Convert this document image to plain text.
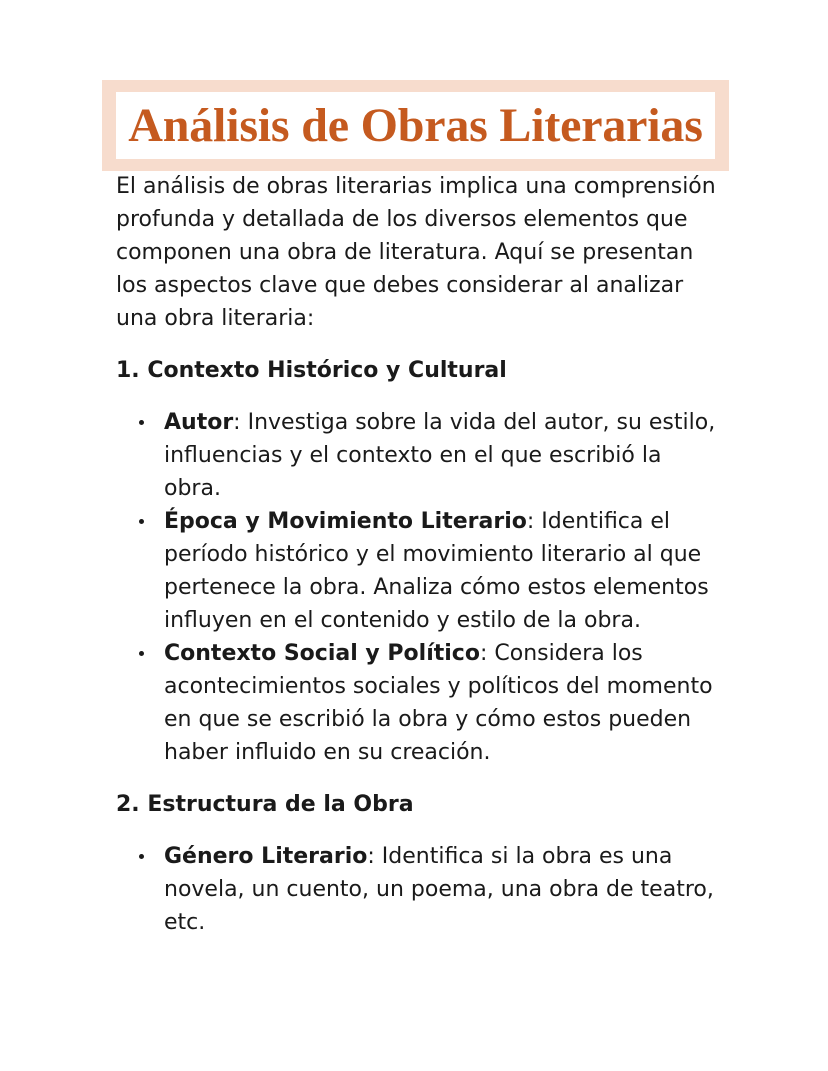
Análisis de Obras Literarias

El análisis de obras literarias implica una comprensión profunda y detallada de los diversos elementos que componen una obra de literatura. Aquí se presentan los aspectos clave que debes considerar al analizar una obra literaria:

1. Contexto Histórico y Cultural

Autor: Investiga sobre la vida del autor, su estilo, influencias y el contexto en el que escribió la obra.
Época y Movimiento Literario: Identifica el período histórico y el movimiento literario al que pertenece la obra. Analiza cómo estos elementos influyen en el contenido y estilo de la obra.
Contexto Social y Político: Considera los acontecimientos sociales y políticos del momento en que se escribió la obra y cómo estos pueden haber influido en su creación.

2. Estructura de la Obra

Género Literario: Identifica si la obra es una novela, un cuento, un poema, una obra de teatro, etc.
